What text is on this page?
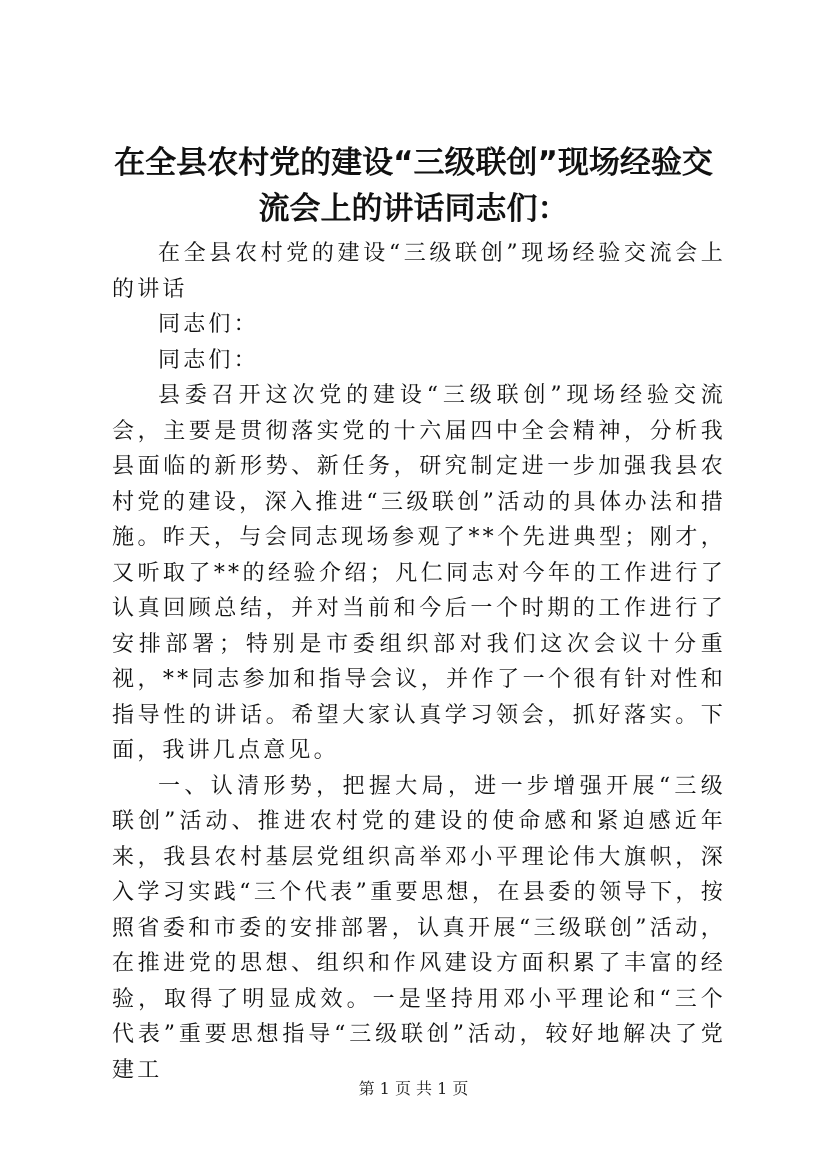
在全县农村党的建设“三级联创”现场经验交流会上的讲话同志们：

在全县农村党的建设“三级联创”现场经验交流会上的讲话

同志们：

同志们：

县委召开这次党的建设“三级联创”现场经验交流会，主要是贯彻落实党的十六届四中全会精神，分析我县面临的新形势、新任务，研究制定进一步加强我县农村党的建设，深入推进“三级联创”活动的具体办法和措施。昨天，与会同志现场参观了**个先进典型；刚才，又听取了**的经验介绍；凡仁同志对今年的工作进行了认真回顾总结，并对当前和今后一个时期的工作进行了安排部署；特别是市委组织部对我们这次会议十分重视，**同志参加和指导会议，并作了一个很有针对性和指导性的讲话。希望大家认真学习领会，抓好落实。下面，我讲几点意见。

一、认清形势，把握大局，进一步增强开展“三级联创”活动、推进农村党的建设的使命感和紧迫感近年来，我县农村基层党组织高举邓小平理论伟大旗帜，深入学习实践“三个代表”重要思想，在县委的领导下，按照省委和市委的安排部署，认真开展“三级联创”活动，在推进党的思想、组织和作风建设方面积累了丰富的经验，取得了明显成效。一是坚持用邓小平理论和“三个代表”重要思想指导“三级联创”活动，较好地解决了党建工

第 1 页 共 1 页
